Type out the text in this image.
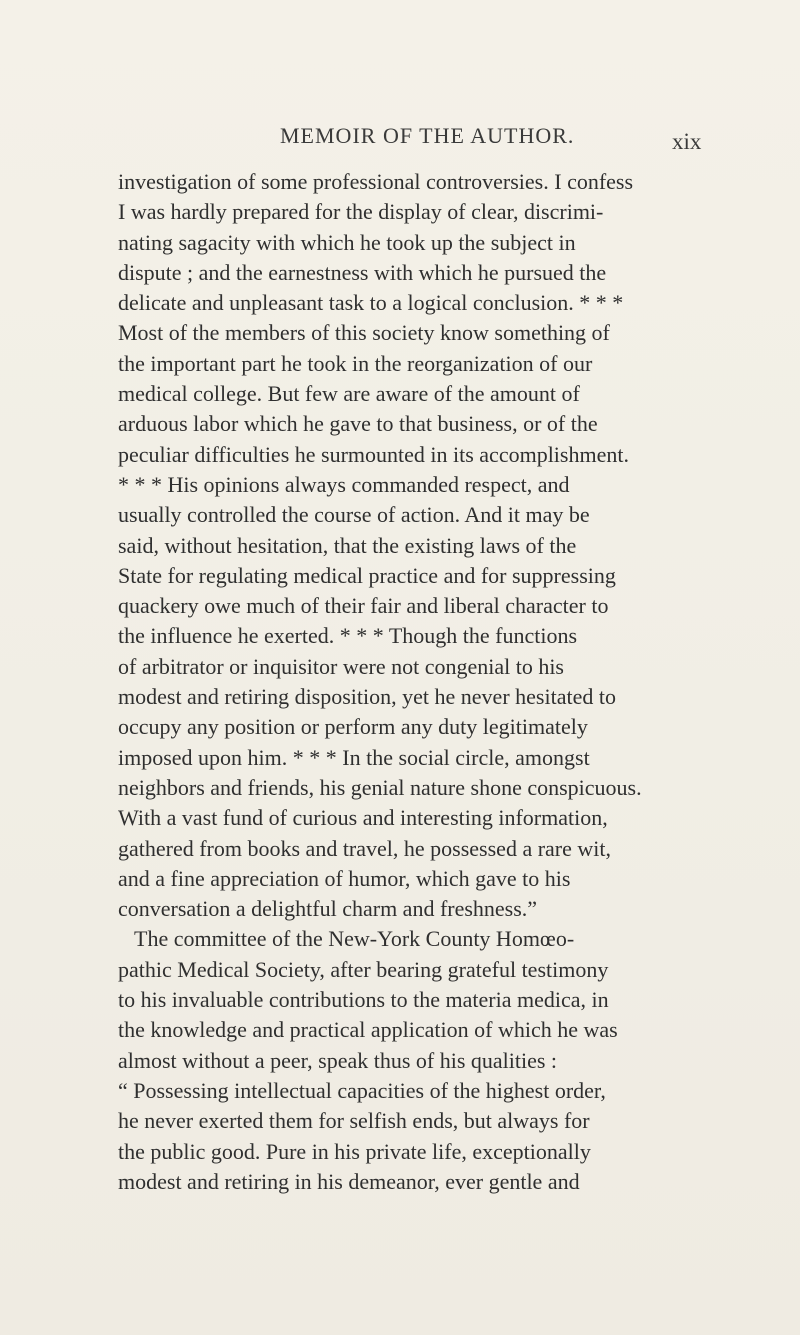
MEMOIR OF THE AUTHOR.	xix
investigation of some professional controversies. I confess
I was hardly prepared for the display of clear, discrimi-
nating sagacity with which he took up the subject in
dispute ; and the earnestness with which he pursued the
delicate and unpleasant task to a logical conclusion. * * *
Most of the members of this society know something of
the important part he took in the reorganization of our
medical college. But few are aware of the amount of
arduous labor which he gave to that business, or of the
peculiar difficulties he surmounted in its accomplishment.
* * * His opinions always commanded respect, and
usually controlled the course of action. And it may be
said, without hesitation, that the existing laws of the
State for regulating medical practice and for suppressing
quackery owe much of their fair and liberal character to
the influence he exerted. * * * Though the functions
of arbitrator or inquisitor were not congenial to his
modest and retiring disposition, yet he never hesitated to
occupy any position or perform any duty legitimately
imposed upon him. * * * In the social circle, amongst
neighbors and friends, his genial nature shone conspicuous.
With a vast fund of curious and interesting information,
gathered from books and travel, he possessed a rare wit,
and a fine appreciation of humor, which gave to his
conversation a delightful charm and freshness.”
The committee of the New-York County Homœo-
pathic Medical Society, after bearing grateful testimony
to his invaluable contributions to the materia medica, in
the knowledge and practical application of which he was
almost without a peer, speak thus of his qualities :
“ Possessing intellectual capacities of the highest order,
he never exerted them for selfish ends, but always for
the public good. Pure in his private life, exceptionally
modest and retiring in his demeanor, ever gentle and
